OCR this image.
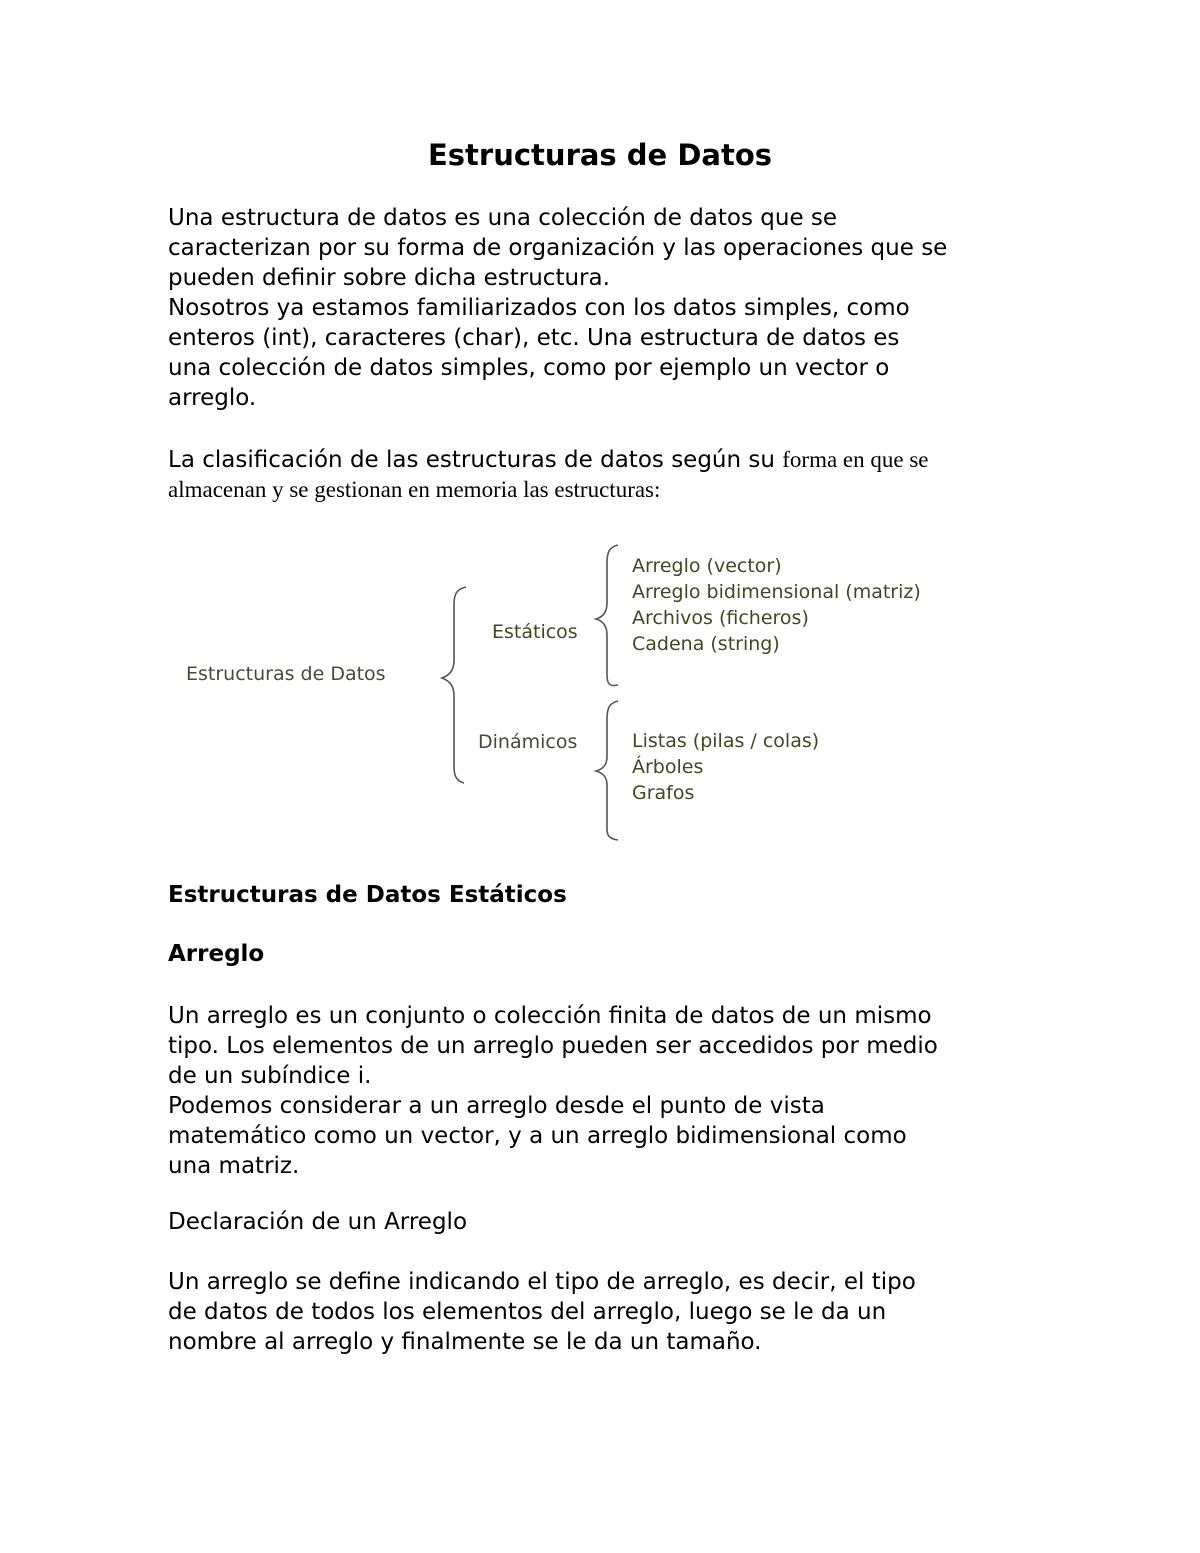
Estructuras de Datos
Una estructura de datos es una colección de datos que se
caracterizan por su forma de organización y las operaciones que se
pueden definir sobre dicha estructura.
Nosotros ya estamos familiarizados con los datos simples, como
enteros (int), caracteres (char), etc. Una estructura de datos es
una colección de datos simples, como por ejemplo un vector o
arreglo.
La clasificación de las estructuras de datos según su forma en que se
almacenan y se gestionan en memoria las estructuras:
Estructuras de Datos
Estáticos
Dinámicos
Arreglo (vector)
Arreglo bidimensional (matriz)
Archivos (ficheros)
Cadena (string)
Listas (pilas / colas)
Árboles
Grafos
Estructuras de Datos Estáticos
Arreglo
Un arreglo es un conjunto o colección finita de datos de un mismo
tipo. Los elementos de un arreglo pueden ser accedidos por medio
de un subíndice i.
Podemos considerar a un arreglo desde el punto de vista
matemático como un vector, y a un arreglo bidimensional como
una matriz.
Declaración de un Arreglo
Un arreglo se define indicando el tipo de arreglo, es decir, el tipo
de datos de todos los elementos del arreglo, luego se le da un
nombre al arreglo y finalmente se le da un tamaño.
